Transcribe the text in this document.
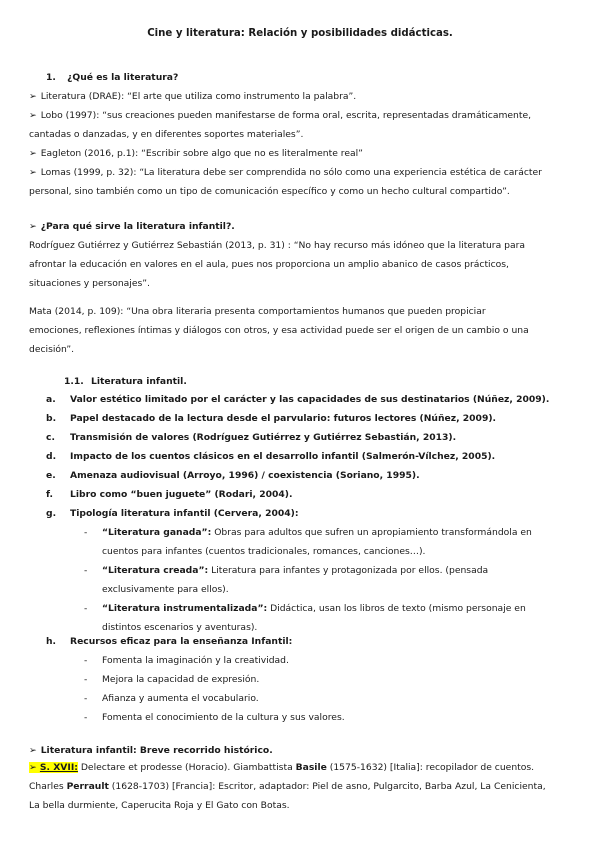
Cine y literatura: Relación y posibilidades didácticas.
1. ¿Qué es la literatura?
➢ Literatura (DRAE): “El arte que utiliza como instrumento la palabra”.
➢ Lobo (1997): “sus creaciones pueden manifestarse de forma oral, escrita, representadas dramáticamente,
cantadas o danzadas, y en diferentes soportes materiales”.
➢ Eagleton (2016, p.1): “Escribir sobre algo que no es literalmente real”
➢ Lomas (1999, p. 32): “La literatura debe ser comprendida no sólo como una experiencia estética de carácter
personal, sino también como un tipo de comunicación específico y como un hecho cultural compartido”.
➢ ¿Para qué sirve la literatura infantil?.
Rodríguez Gutiérrez y Gutiérrez Sebastián (2013, p. 31) : “No hay recurso más idóneo que la literatura para
afrontar la educación en valores en el aula, pues nos proporciona un amplio abanico de casos prácticos,
situaciones y personajes”.
Mata (2014, p. 109): “Una obra literaria presenta comportamientos humanos que pueden propiciar
emociones, reflexiones íntimas y diálogos con otros, y esa actividad puede ser el origen de un cambio o una
decisión”.
1.1. Literatura infantil.
a. Valor estético limitado por el carácter y las capacidades de sus destinatarios (Núñez, 2009).
b. Papel destacado de la lectura desde el parvulario: futuros lectores (Núñez, 2009).
c. Transmisión de valores (Rodríguez Gutiérrez y Gutiérrez Sebastián, 2013).
d. Impacto de los cuentos clásicos en el desarrollo infantil (Salmerón-Vílchez, 2005).
e. Amenaza audiovisual (Arroyo, 1996) / coexistencia (Soriano, 1995).
f. Libro como “buen juguete” (Rodari, 2004).
g. Tipología literatura infantil (Cervera, 2004):
- “Literatura ganada”: Obras para adultos que sufren un apropiamiento transformándola en
cuentos para infantes (cuentos tradicionales, romances, canciones…).
- “Literatura creada”: Literatura para infantes y protagonizada por ellos. (pensada
exclusivamente para ellos).
- “Literatura instrumentalizada”: Didáctica, usan los libros de texto (mismo personaje en
distintos escenarios y aventuras).
h. Recursos eficaz para la enseñanza Infantil:
- Fomenta la imaginación y la creatividad.
- Mejora la capacidad de expresión.
- Afianza y aumenta el vocabulario.
- Fomenta el conocimiento de la cultura y sus valores.
➢ Literatura infantil: Breve recorrido histórico.
➢ S. XVII: Delectare et prodesse (Horacio). Giambattista Basile (1575-1632) [Italia]: recopilador de cuentos.
Charles Perrault (1628-1703) [Francia]: Escritor, adaptador: Piel de asno, Pulgarcito, Barba Azul, La Cenicienta,
La bella durmiente, Caperucita Roja y El Gato con Botas.
